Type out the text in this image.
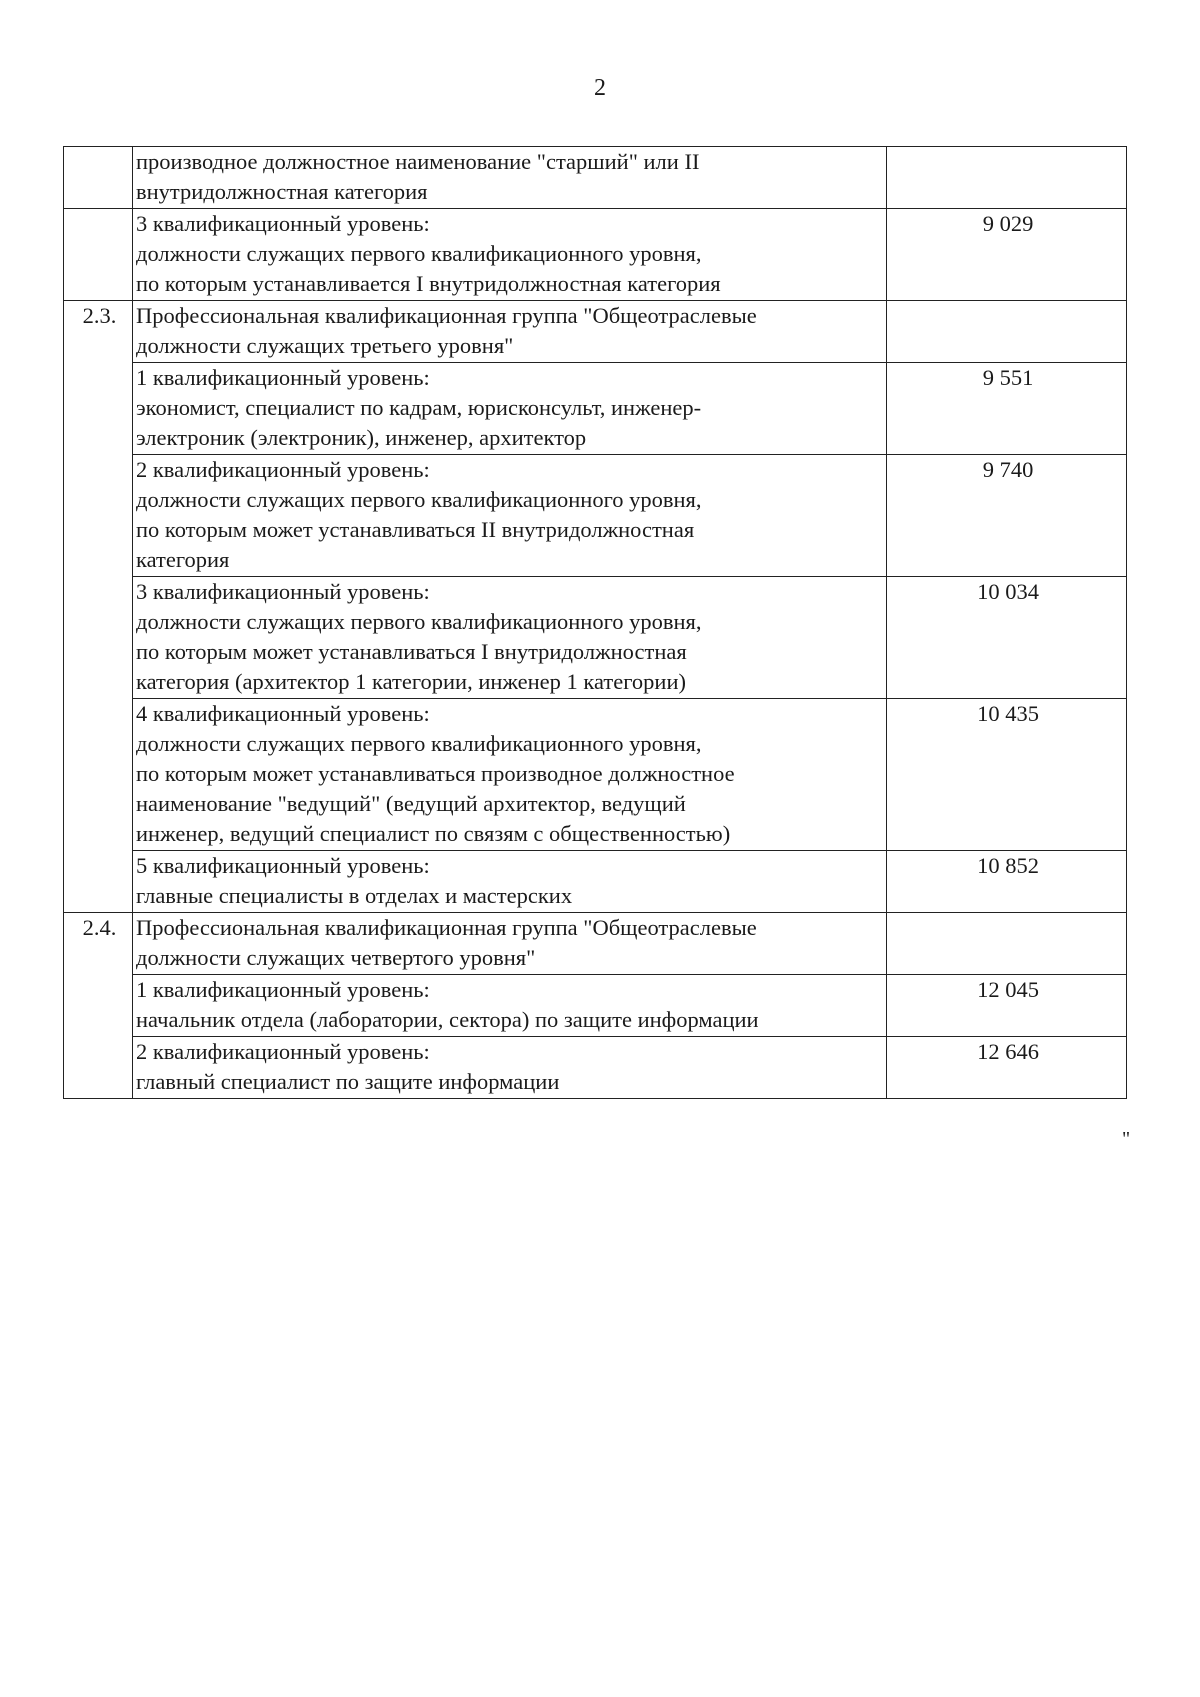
2

	производное должностное наименование "старший" или II
внутридолжностная категория	

	3 квалификационный уровень:
должности служащих первого квалификационного уровня,
по которым устанавливается I внутридолжностная категория	9 029
2.3.	Профессиональная квалификационная группа "Общеотраслевые
должности служащих третьего уровня"	

	1 квалификационный уровень:
экономист, специалист по кадрам, юрисконсульт, инженер-
электроник (электроник), инженер, архитектор	9 551

	2 квалификационный уровень:
должности служащих первого квалификационного уровня,
по которым может устанавливаться II внутридолжностная
категория	9 740

	3 квалификационный уровень:
должности служащих первого квалификационного уровня,
по которым может устанавливаться I внутридолжностная
категория (архитектор 1 категории, инженер 1 категории)	10 034

	4 квалификационный уровень:
должности служащих первого квалификационного уровня,
по которым может устанавливаться производное должностное
наименование "ведущий" (ведущий архитектор, ведущий
инженер, ведущий специалист по связям с общественностью)	10 435

	5 квалификационный уровень:
главные специалисты в отделах и мастерских	10 852
2.4.	Профессиональная квалификационная группа "Общеотраслевые
должности служащих четвертого уровня"	

	1 квалификационный уровень:
начальник отдела (лаборатории, сектора) по защите информации	12 045

	2 квалификационный уровень:
главный специалист по защите информации	12 646
"
